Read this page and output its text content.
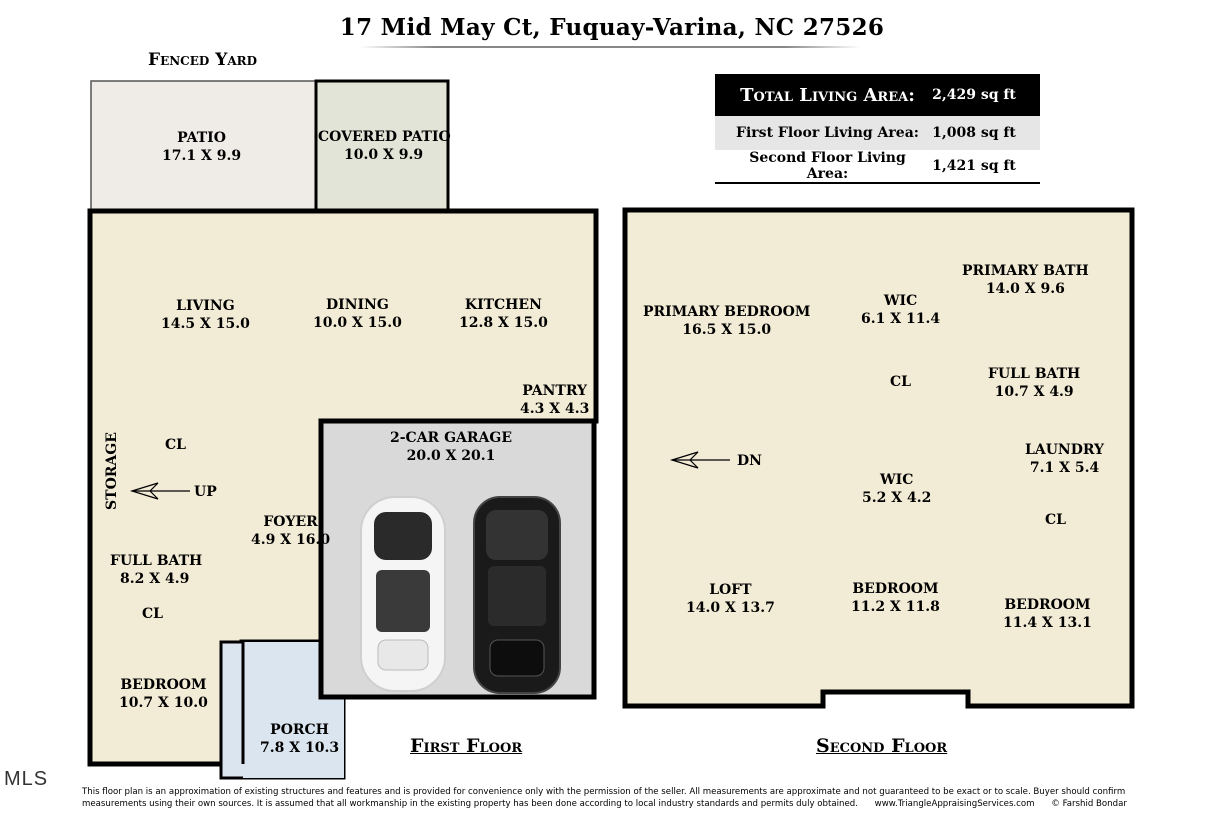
17 Mid May Ct, Fuquay-Varina, NC 27526
Fenced Yard
Total Living Area:	2,429 sq ft
First Floor Living Area: 1,008 sq ft
Second Floor Living Area:	1,421 sq ft
PATIO
17.1 X 9.9
COVERED PATIO
10.0 X 9.9
LIVING
14.5 X 15.0
DINING
10.0 X 15.0
KITCHEN
12.8 X 15.0
PANTRY
4.3 X 4.3
STORAGE	CL
UP
FOYER
4.9 X 16.0
FULL BATH
8.2 X 4.9
CL
BEDROOM
10.7 X 10.0
PORCH
7.8 X 10.3
2-CAR GARAGE
20.0 X 20.1
First Floor
PRIMARY BEDROOM
16.5 X 15.0
WIC
6.1 X 11.4
PRIMARY BATH
14.0 X 9.6
CL	FULL BATH
10.7 X 4.9
DN
WIC
5.2 X 4.2
LAUNDRY
7.1 X 5.4
CL
LOFT
14.0 X 13.7
BEDROOM
11.2 X 11.8	BEDROOM
11.4 X 13.1
Second Floor
MLS
This floor plan is an approximation of existing structures and features and is provided for convenience only with the permission of the seller. All measurements are approximate and not guaranteed to be exact or to scale. Buyer should confirm
measurements using their own sources. It is assumed that all workmanship in the existing property has been done according to local industry standards and permits duly obtained. www.TriangleAppraisingServices.com © Farshid Bondar
